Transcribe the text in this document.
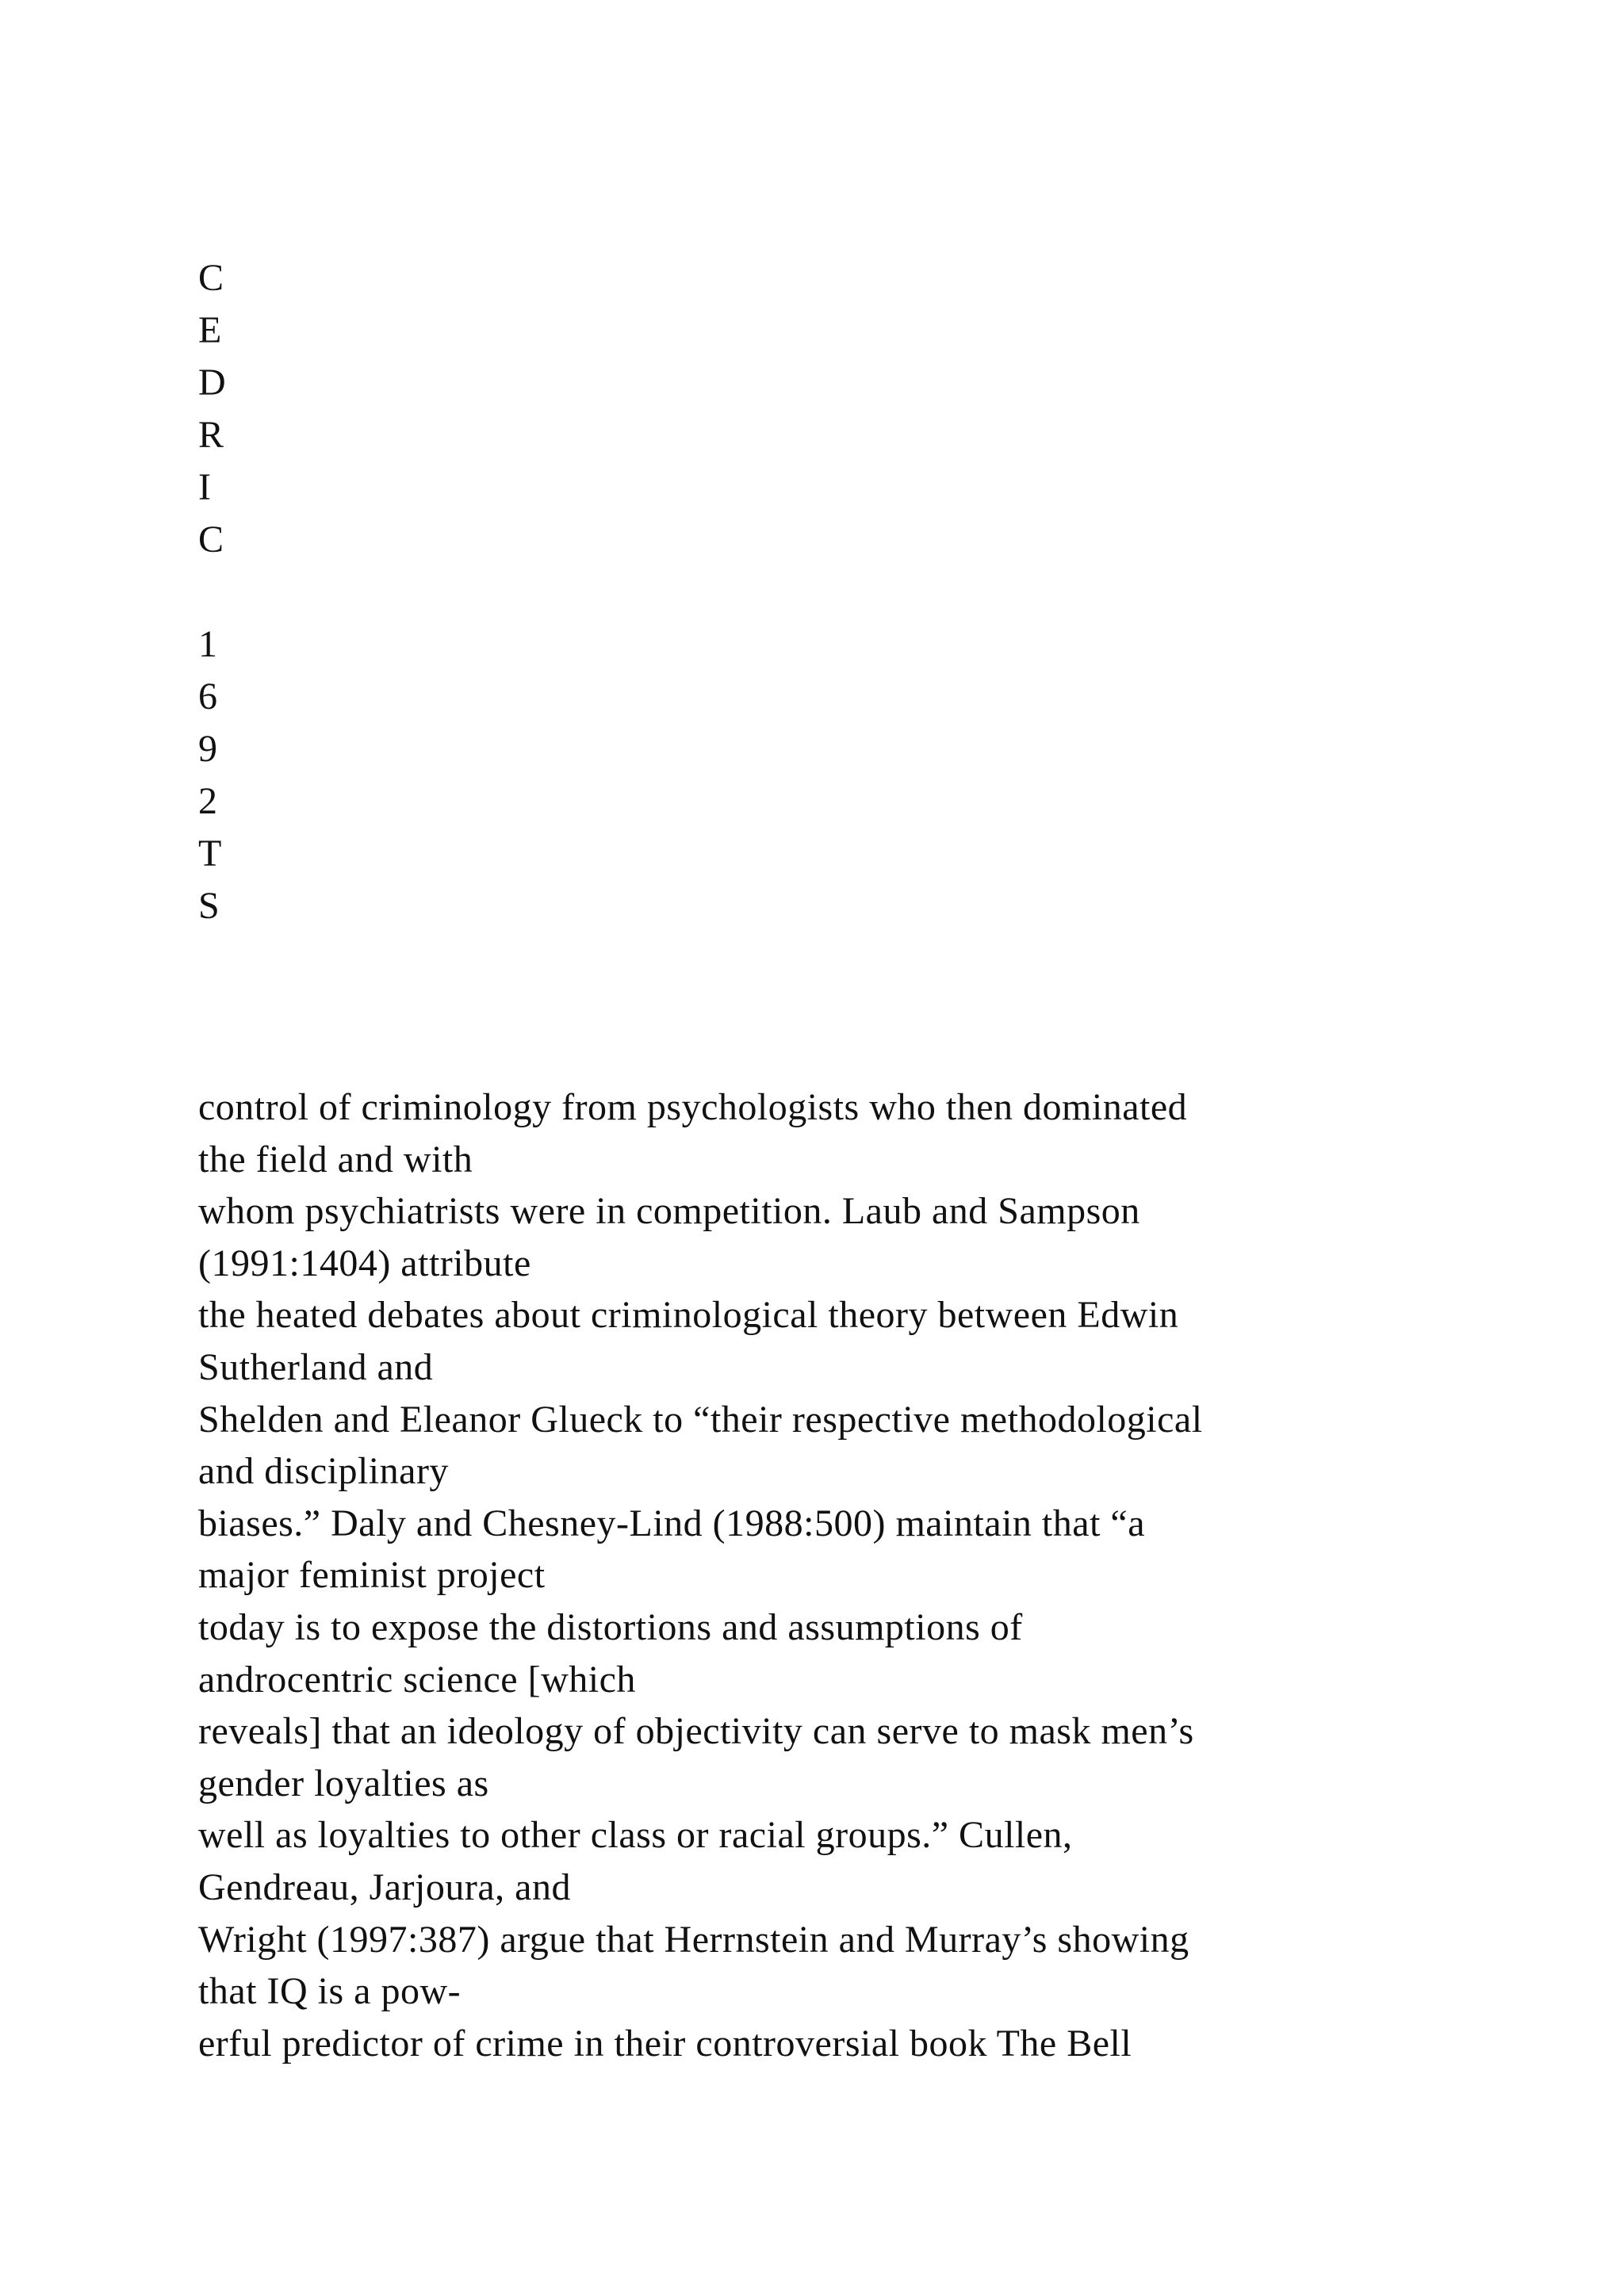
C
E
D
R
I
C
1
6
9
2
T
S
control of criminology from psychologists who then dominated
the field and with
whom psychiatrists were in competition. Laub and Sampson
(1991:1404) attribute
the heated debates about criminological theory between Edwin
Sutherland and
Shelden and Eleanor Glueck to “their respective methodological
and disciplinary
biases.” Daly and Chesney-Lind (1988:500) maintain that “a
major feminist project
today is to expose the distortions and assumptions of
androcentric science [which
reveals] that an ideology of objectivity can serve to mask men’s
gender loyalties as
well as loyalties to other class or racial groups.” Cullen,
Gendreau, Jarjoura, and
Wright (1997:387) argue that Herrnstein and Murray’s showing
that IQ is a pow-
erful predictor of crime in their controversial book The Bell
